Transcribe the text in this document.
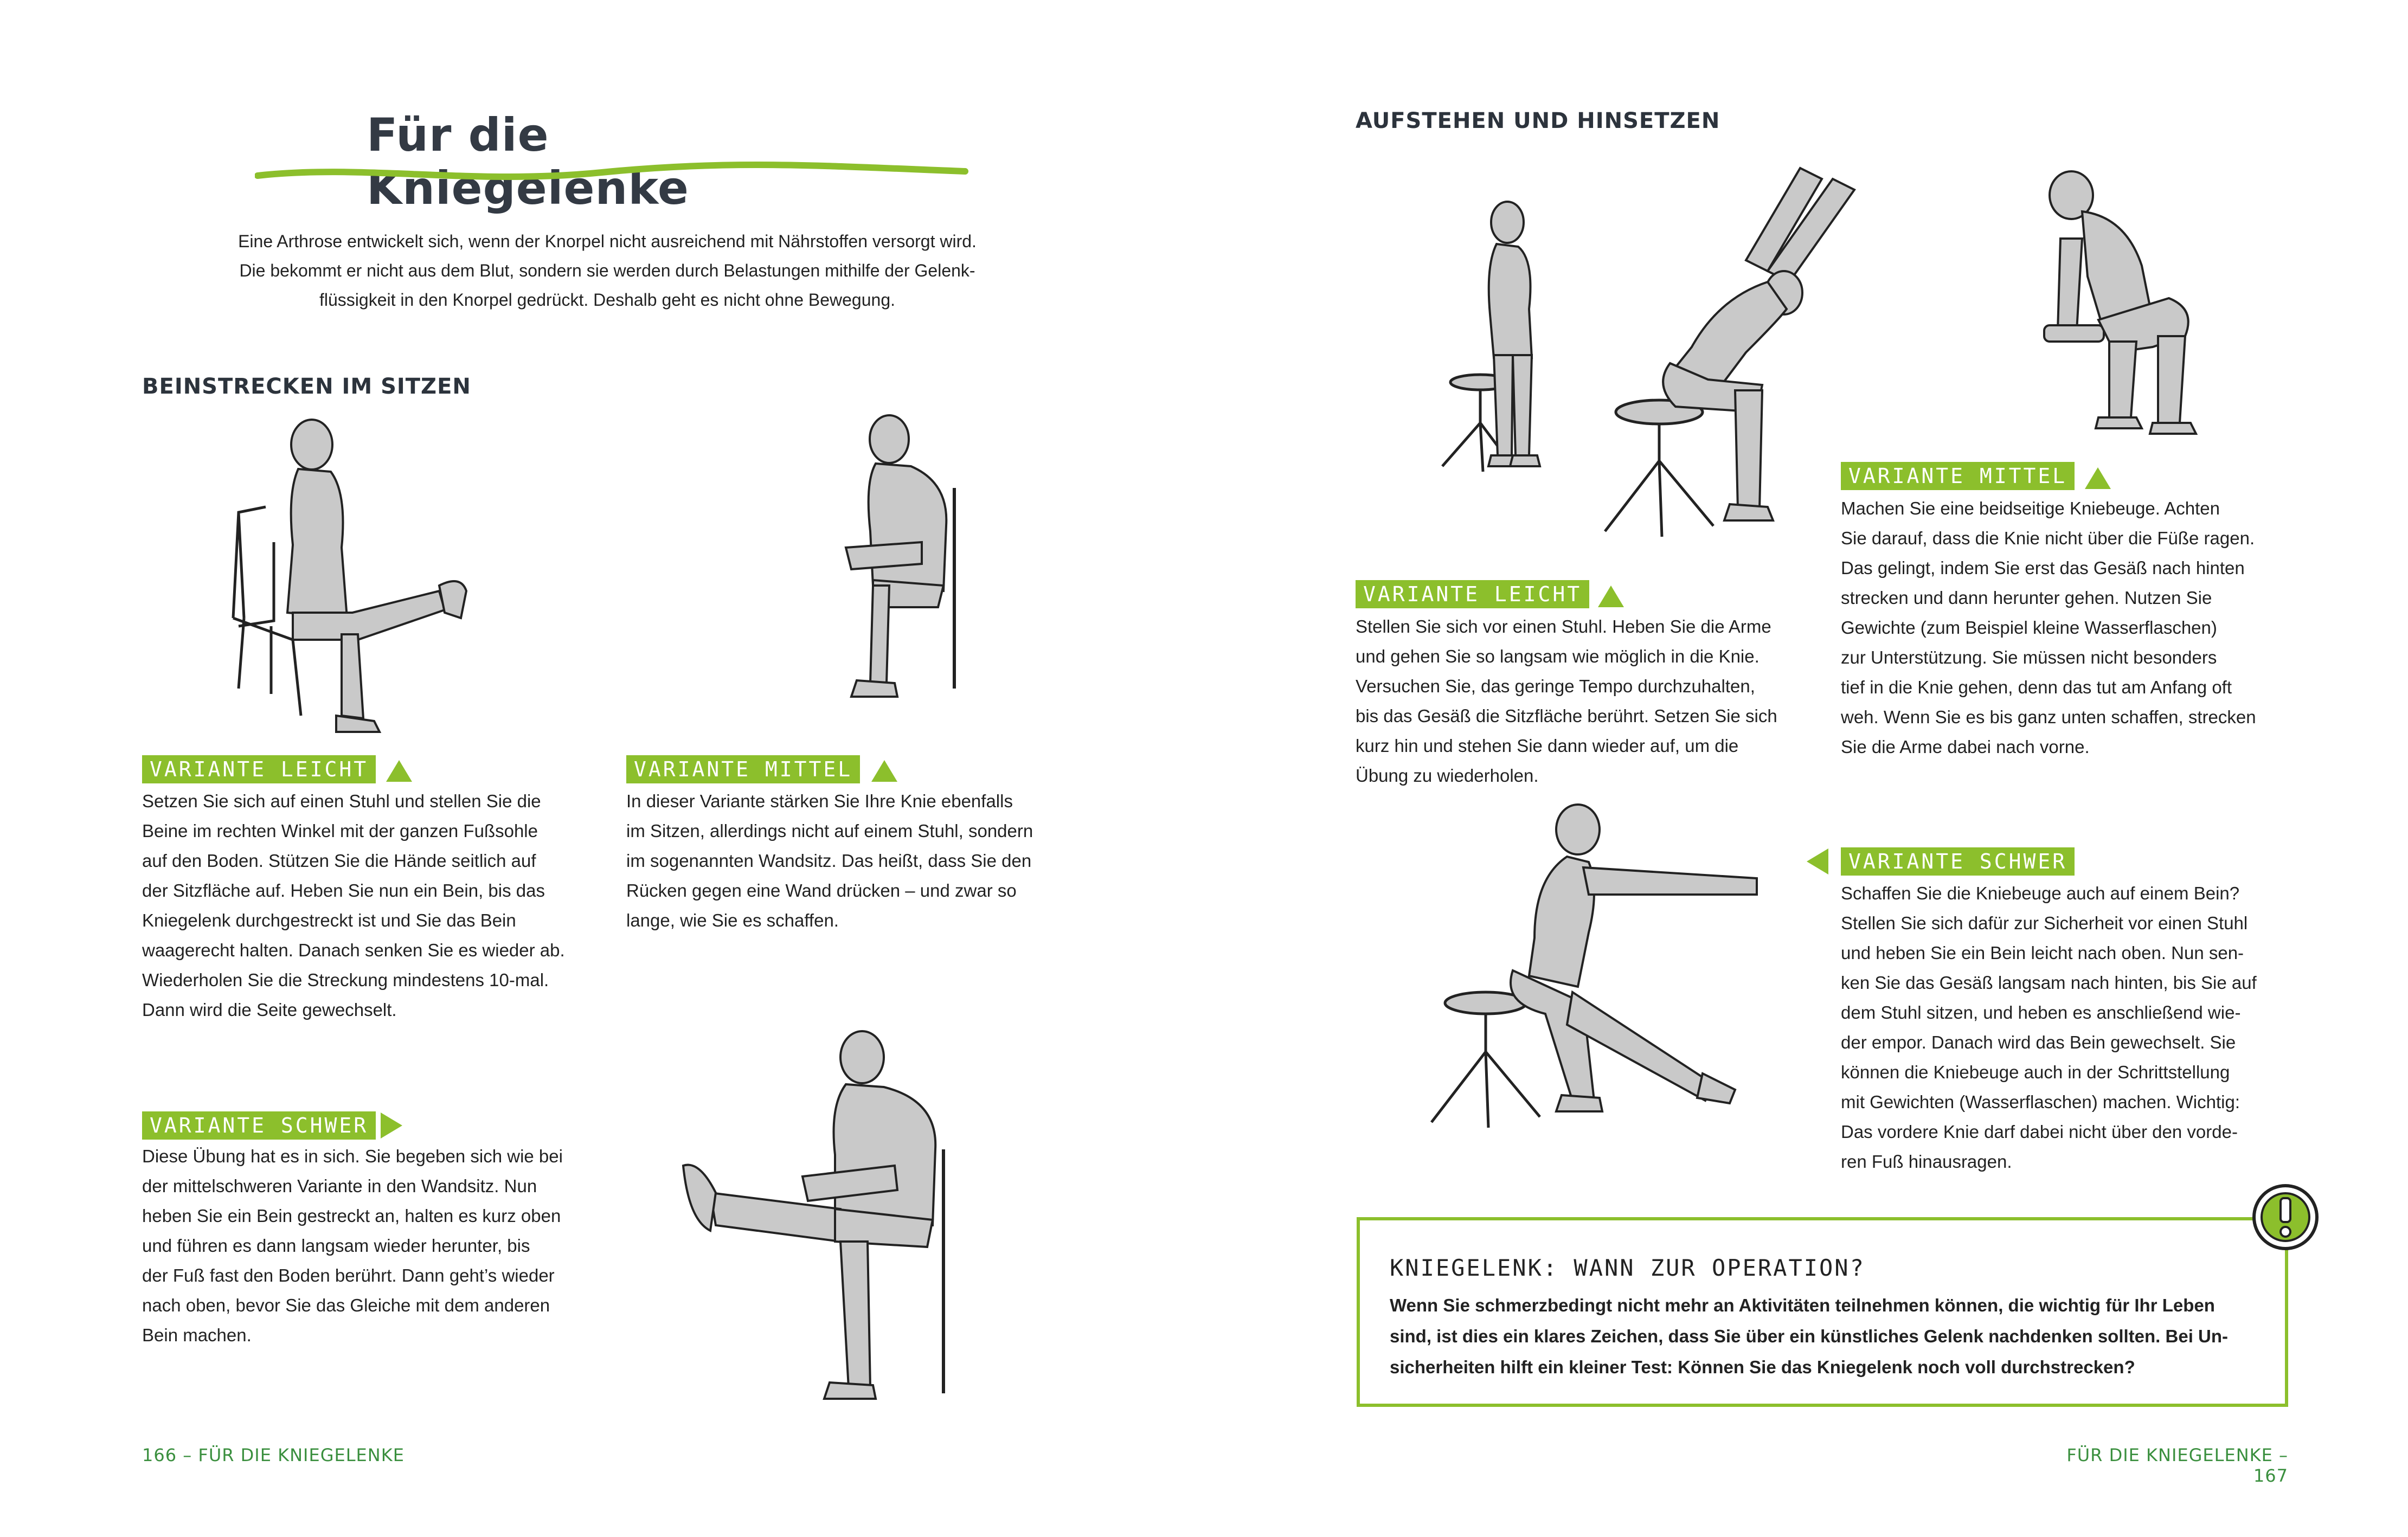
Für die Kniegelenke
Eine Arthrose entwickelt sich, wenn der Knorpel nicht ausreichend mit Nährstoffen versorgt wird.
Die bekommt er nicht aus dem Blut, sondern sie werden durch Belastungen mithilfe der Gelenk-
flüssigkeit in den Knorpel gedrückt. Deshalb geht es nicht ohne Bewegung.
BEINSTRECKEN IM SITZEN
VARIANTE LEICHT
Setzen Sie sich auf einen Stuhl und stellen Sie die
Beine im rechten Winkel mit der ganzen Fußsohle
auf den Boden. Stützen Sie die Hände seitlich auf
der Sitzfläche auf. Heben Sie nun ein Bein, bis das
Kniegelenk durchgestreckt ist und Sie das Bein
waagerecht halten. Danach senken Sie es wieder ab.
Wiederholen Sie die Streckung mindestens 10-mal.
Dann wird die Seite gewechselt.
VARIANTE MITTEL
In dieser Variante stärken Sie Ihre Knie ebenfalls
im Sitzen, allerdings nicht auf einem Stuhl, sondern
im sogenannten Wandsitz. Das heißt, dass Sie den
Rücken gegen eine Wand drücken – und zwar so
lange, wie Sie es schaffen.
VARIANTE SCHWER
Diese Übung hat es in sich. Sie begeben sich wie bei
der mittelschweren Variante in den Wandsitz. Nun
heben Sie ein Bein gestreckt an, halten es kurz oben
und führen es dann langsam wieder herunter, bis
der Fuß fast den Boden berührt. Dann geht’s wieder
nach oben, bevor Sie das Gleiche mit dem anderen
Bein machen.
166 – FÜR DIE KNIEGELENKE
AUFSTEHEN UND HINSETZEN
VARIANTE LEICHT
Stellen Sie sich vor einen Stuhl. Heben Sie die Arme
und gehen Sie so langsam wie möglich in die Knie.
Versuchen Sie, das geringe Tempo durchzuhalten,
bis das Gesäß die Sitzfläche berührt. Setzen Sie sich
kurz hin und stehen Sie dann wieder auf, um die
Übung zu wiederholen.
VARIANTE MITTEL
Machen Sie eine beidseitige Kniebeuge. Achten
Sie darauf, dass die Knie nicht über die Füße ragen.
Das gelingt, indem Sie erst das Gesäß nach hinten
strecken und dann herunter gehen. Nutzen Sie
Gewichte (zum Beispiel kleine Wasserflaschen)
zur Unterstützung. Sie müssen nicht besonders
tief in die Knie gehen, denn das tut am Anfang oft
weh. Wenn Sie es bis ganz unten schaffen, strecken
Sie die Arme dabei nach vorne.
VARIANTE SCHWER
Schaffen Sie die Kniebeuge auch auf einem Bein?
Stellen Sie sich dafür zur Sicherheit vor einen Stuhl
und heben Sie ein Bein leicht nach oben. Nun sen-
ken Sie das Gesäß langsam nach hinten, bis Sie auf
dem Stuhl sitzen, und heben es anschließend wie-
der empor. Danach wird das Bein gewechselt. Sie
können die Kniebeuge auch in der Schrittstellung
mit Gewichten (Wasserflaschen) machen. Wichtig:
Das vordere Knie darf dabei nicht über den vorde-
ren Fuß hinausragen.
KNIEGELENK: WANN ZUR OPERATION?
Wenn Sie schmerzbedingt nicht mehr an Aktivitäten teilnehmen können, die wichtig für Ihr Leben
sind, ist dies ein klares Zeichen, dass Sie über ein künstliches Gelenk nachdenken sollten. Bei Un-
sicherheiten hilft ein kleiner Test: Können Sie das Kniegelenk noch voll durchstrecken?
FÜR DIE KNIEGELENKE – 167
